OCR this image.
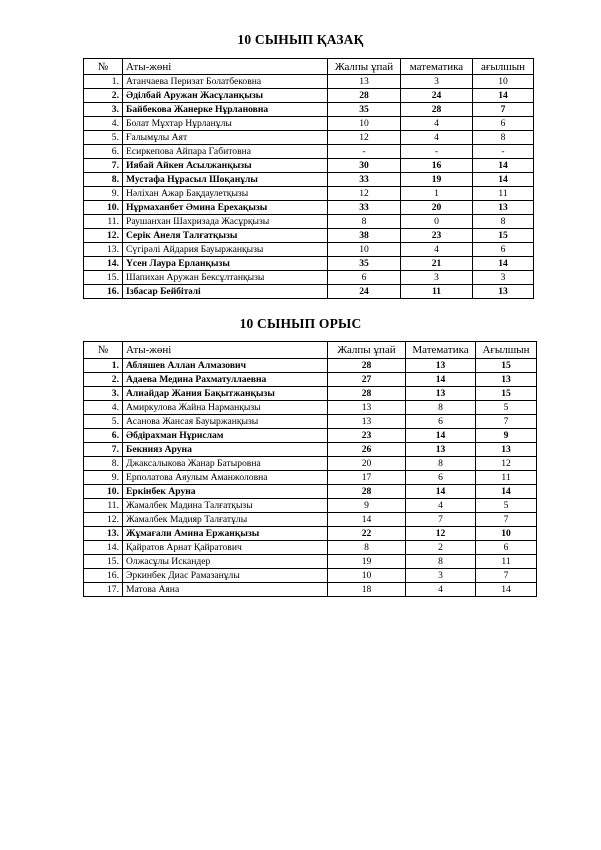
10 СЫНЫП ҚАЗАҚ
№	Аты-жөні	Жалпы ұпай	математика	ағылшын
1.	Атанчаева Перизат Болатбековна	13	3	10
2.	Әділбай Аружан Жасұланқызы	28	24	14
3.	Байбекова Жанерке Нұрлановна	35	28	7
4.	Болат Мұхтар Нұрланұлы	10	4	6
5.	Ғалымұлы Аят	12	4	8
6.	Есиркепова Айпара Габитовна	-	-	-
7.	Иябай Айкен Асылжанқызы	30	16	14
8.	Мустафа Нұрасыл Шоқанұлы	33	19	14
9.	Нәліхан Ажар Бақдаулетқызы	12	1	11
10.	Нұрмаханбет Әмина Ерехақызы	33	20	13
11.	Раушанхан Шахризада Жасұрқызы	8	0	8
12.	Серік Анеля Талғатқызы	38	23	15
13.	Сүгірәлі Айдария Бауыржанқызы	10	4	6
14.	Үсен Лаура Ерланқызы	35	21	14
15.	Шапихан Аружан Бексұлтанқызы	6	3	3
16.	Ізбасар Бейбітәлі	24	11	13
10 СЫНЫП ОРЫС
№	Аты-жөні	Жалпы ұпай	Математика	Ағылшын
1.	Абляшев Аллан Алмазович	28	13	15
2.	Адаева Медина Рахматуллаевна	27	14	13
3.	Алиайдар Жания Бақытжанқызы	28	13	15
4.	Амиркулова Жайна Нарманқызы	13	8	5
5.	Асанова Жансая Бауыржанқызы	13	6	7
6.	Әбдірахман Нұрислам	23	14	9
7.	Бекнияз Аруна	26	13	13
8.	Джаксалыкова Жанар Батыровна	20	8	12
9.	Ерполатова Аяулым Аманжоловна	17	6	11
10.	Еркінбек Аруна	28	14	14
11.	Жамалбек Мадина Талғатқызы	9	4	5
12.	Жамалбек Мадияр Талғатұлы	14	7	7
13.	Жұмағали Амина Ержанқызы	22	12	10
14.	Қайратов Арнат Қайратович	8	2	6
15.	Олжасұлы Искандер	19	8	11
16.	Эркинбек Диас Рамазанұлы	10	3	7
17.	Матова Аяна	18	4	14
